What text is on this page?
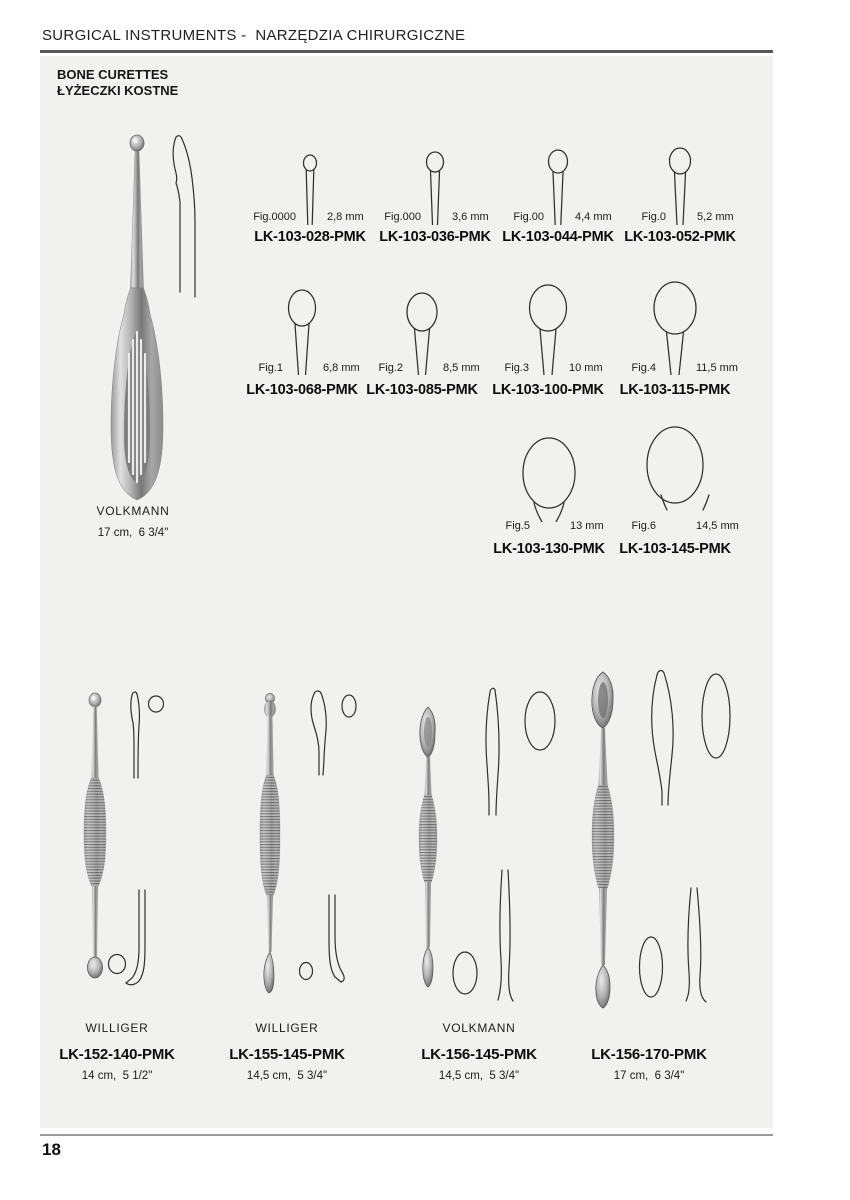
SURGICAL INSTRUMENTS -  NARZĘDZIA CHIRURGICZNE
BONE CURETTES
ŁYŻECZKI KOSTNE
VOLKMANN
17 cm,  6 3/4"
Fig.0000	2,8 mm
LK-103-028-PMK
Fig.000	3,6 mm
LK-103-036-PMK
Fig.00	4,4 mm
LK-103-044-PMK
Fig.0	5,2 mm
LK-103-052-PMK
Fig.1	6,8 mm
LK-103-068-PMK
Fig.2	8,5 mm
LK-103-085-PMK
Fig.3	10 mm
LK-103-100-PMK
Fig.4	11,5 mm
LK-103-115-PMK
Fig.5	13 mm
LK-103-130-PMK
Fig.6	14,5 mm
LK-103-145-PMK
WILLIGER
LK-152-140-PMK
14 cm,  5 1/2"
WILLIGER
LK-155-145-PMK
14,5 cm,  5 3/4"
VOLKMANN
LK-156-145-PMK
14,5 cm,  5 3/4"
LK-156-170-PMK
17 cm,  6 3/4"
18
